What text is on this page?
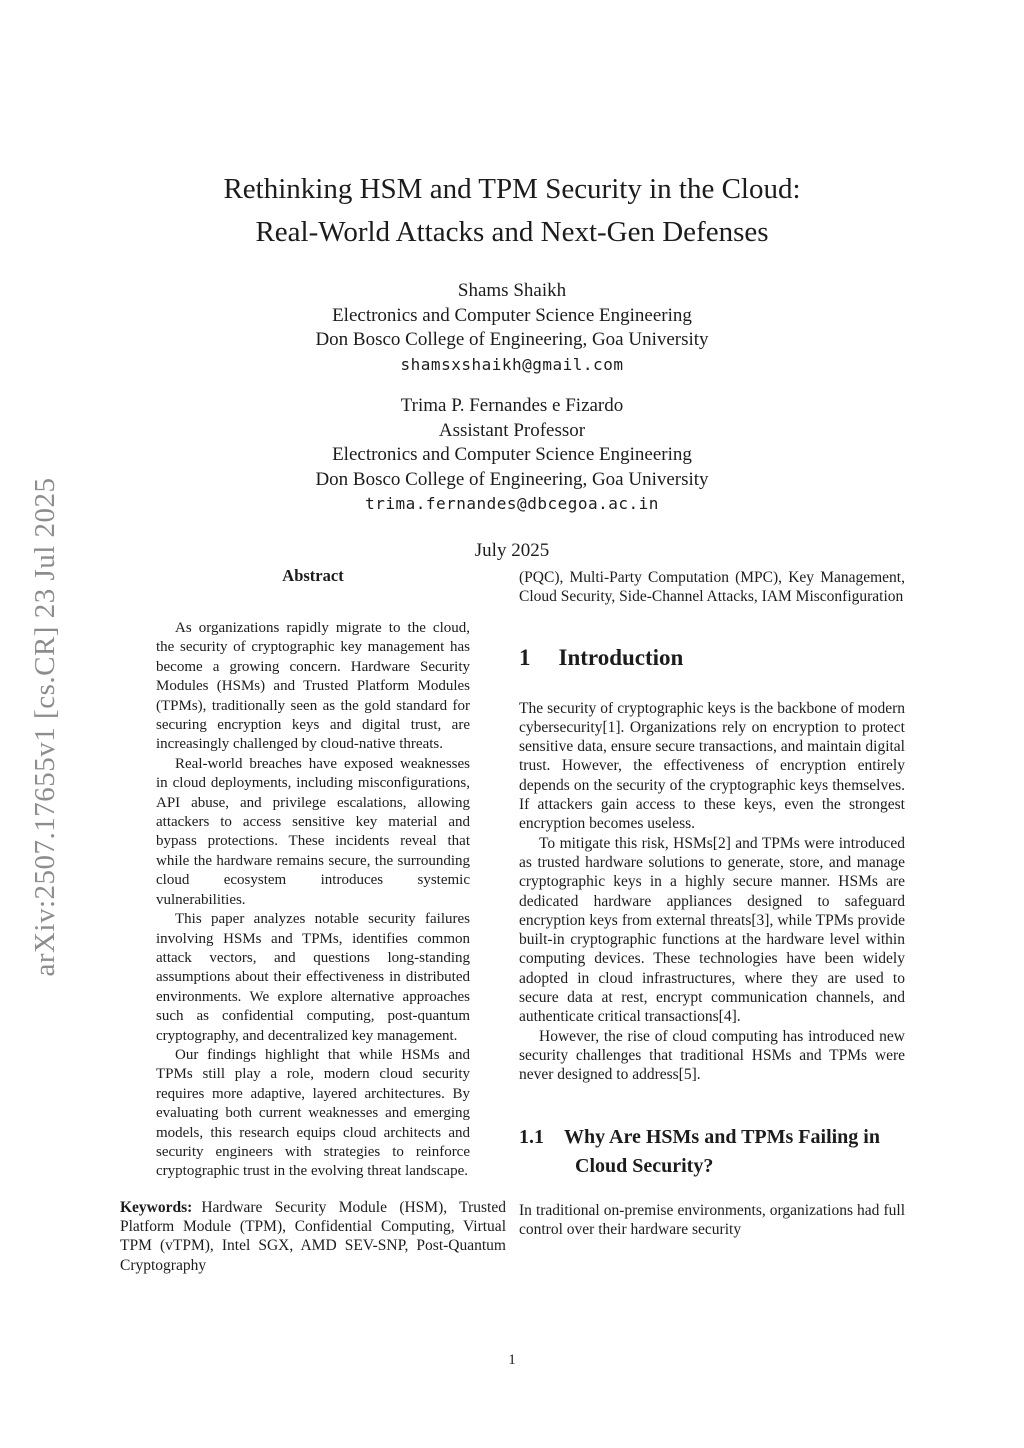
arXiv:2507.17655v1 [cs.CR] 23 Jul 2025
Rethinking HSM and TPM Security in the Cloud:
Real-World Attacks and Next-Gen Defenses
Shams Shaikh
Electronics and Computer Science Engineering
Don Bosco College of Engineering, Goa University
shamsxshaikh@gmail.com
Trima P. Fernandes e Fizardo
Assistant Professor
Electronics and Computer Science Engineering
Don Bosco College of Engineering, Goa University
trima.fernandes@dbcegoa.ac.in
July 2025
Abstract

As organizations rapidly migrate to the cloud, the security of cryptographic key management has become a growing concern. Hardware Security Modules (HSMs) and Trusted Platform Modules (TPMs), traditionally seen as the gold standard for securing encryption keys and digital trust, are increasingly challenged by cloud-native threats.

Real-world breaches have exposed weaknesses in cloud deployments, including misconfigurations, API abuse, and privilege escalations, allowing attackers to access sensitive key material and bypass protections. These incidents reveal that while the hardware remains secure, the surrounding cloud ecosystem introduces systemic vulnerabilities.

This paper analyzes notable security failures involving HSMs and TPMs, identifies common attack vectors, and questions long-standing assumptions about their effectiveness in distributed environments. We explore alternative approaches such as confidential computing, post-quantum cryptography, and decentralized key management.

Our findings highlight that while HSMs and TPMs still play a role, modern cloud security requires more adaptive, layered architectures. By evaluating both current weaknesses and emerging models, this research equips cloud architects and security engineers with strategies to reinforce cryptographic trust in the evolving threat landscape.

Keywords: Hardware Security Module (HSM), Trusted Platform Module (TPM), Confidential Computing, Virtual TPM (vTPM), Intel SGX, AMD SEV-SNP, Post-Quantum Cryptography

(PQC), Multi-Party Computation (MPC), Key Management, Cloud Security, Side-Channel Attacks, IAM Misconfiguration

1 Introduction

The security of cryptographic keys is the backbone of modern cybersecurity[1]. Organizations rely on encryption to protect sensitive data, ensure secure transactions, and maintain digital trust. However, the effectiveness of encryption entirely depends on the security of the cryptographic keys themselves. If attackers gain access to these keys, even the strongest encryption becomes useless.

To mitigate this risk, HSMs[2] and TPMs were introduced as trusted hardware solutions to generate, store, and manage cryptographic keys in a highly secure manner. HSMs are dedicated hardware appliances designed to safeguard encryption keys from external threats[3], while TPMs provide built-in cryptographic functions at the hardware level within computing devices. These technologies have been widely adopted in cloud infrastructures, where they are used to secure data at rest, encrypt communication channels, and authenticate critical transactions[4].

However, the rise of cloud computing has introduced new security challenges that traditional HSMs and TPMs were never designed to address[5].

1.1 Why Are HSMs and TPMs Failing in Cloud Security?

In traditional on-premise environments, organizations had full control over their hardware security

1
